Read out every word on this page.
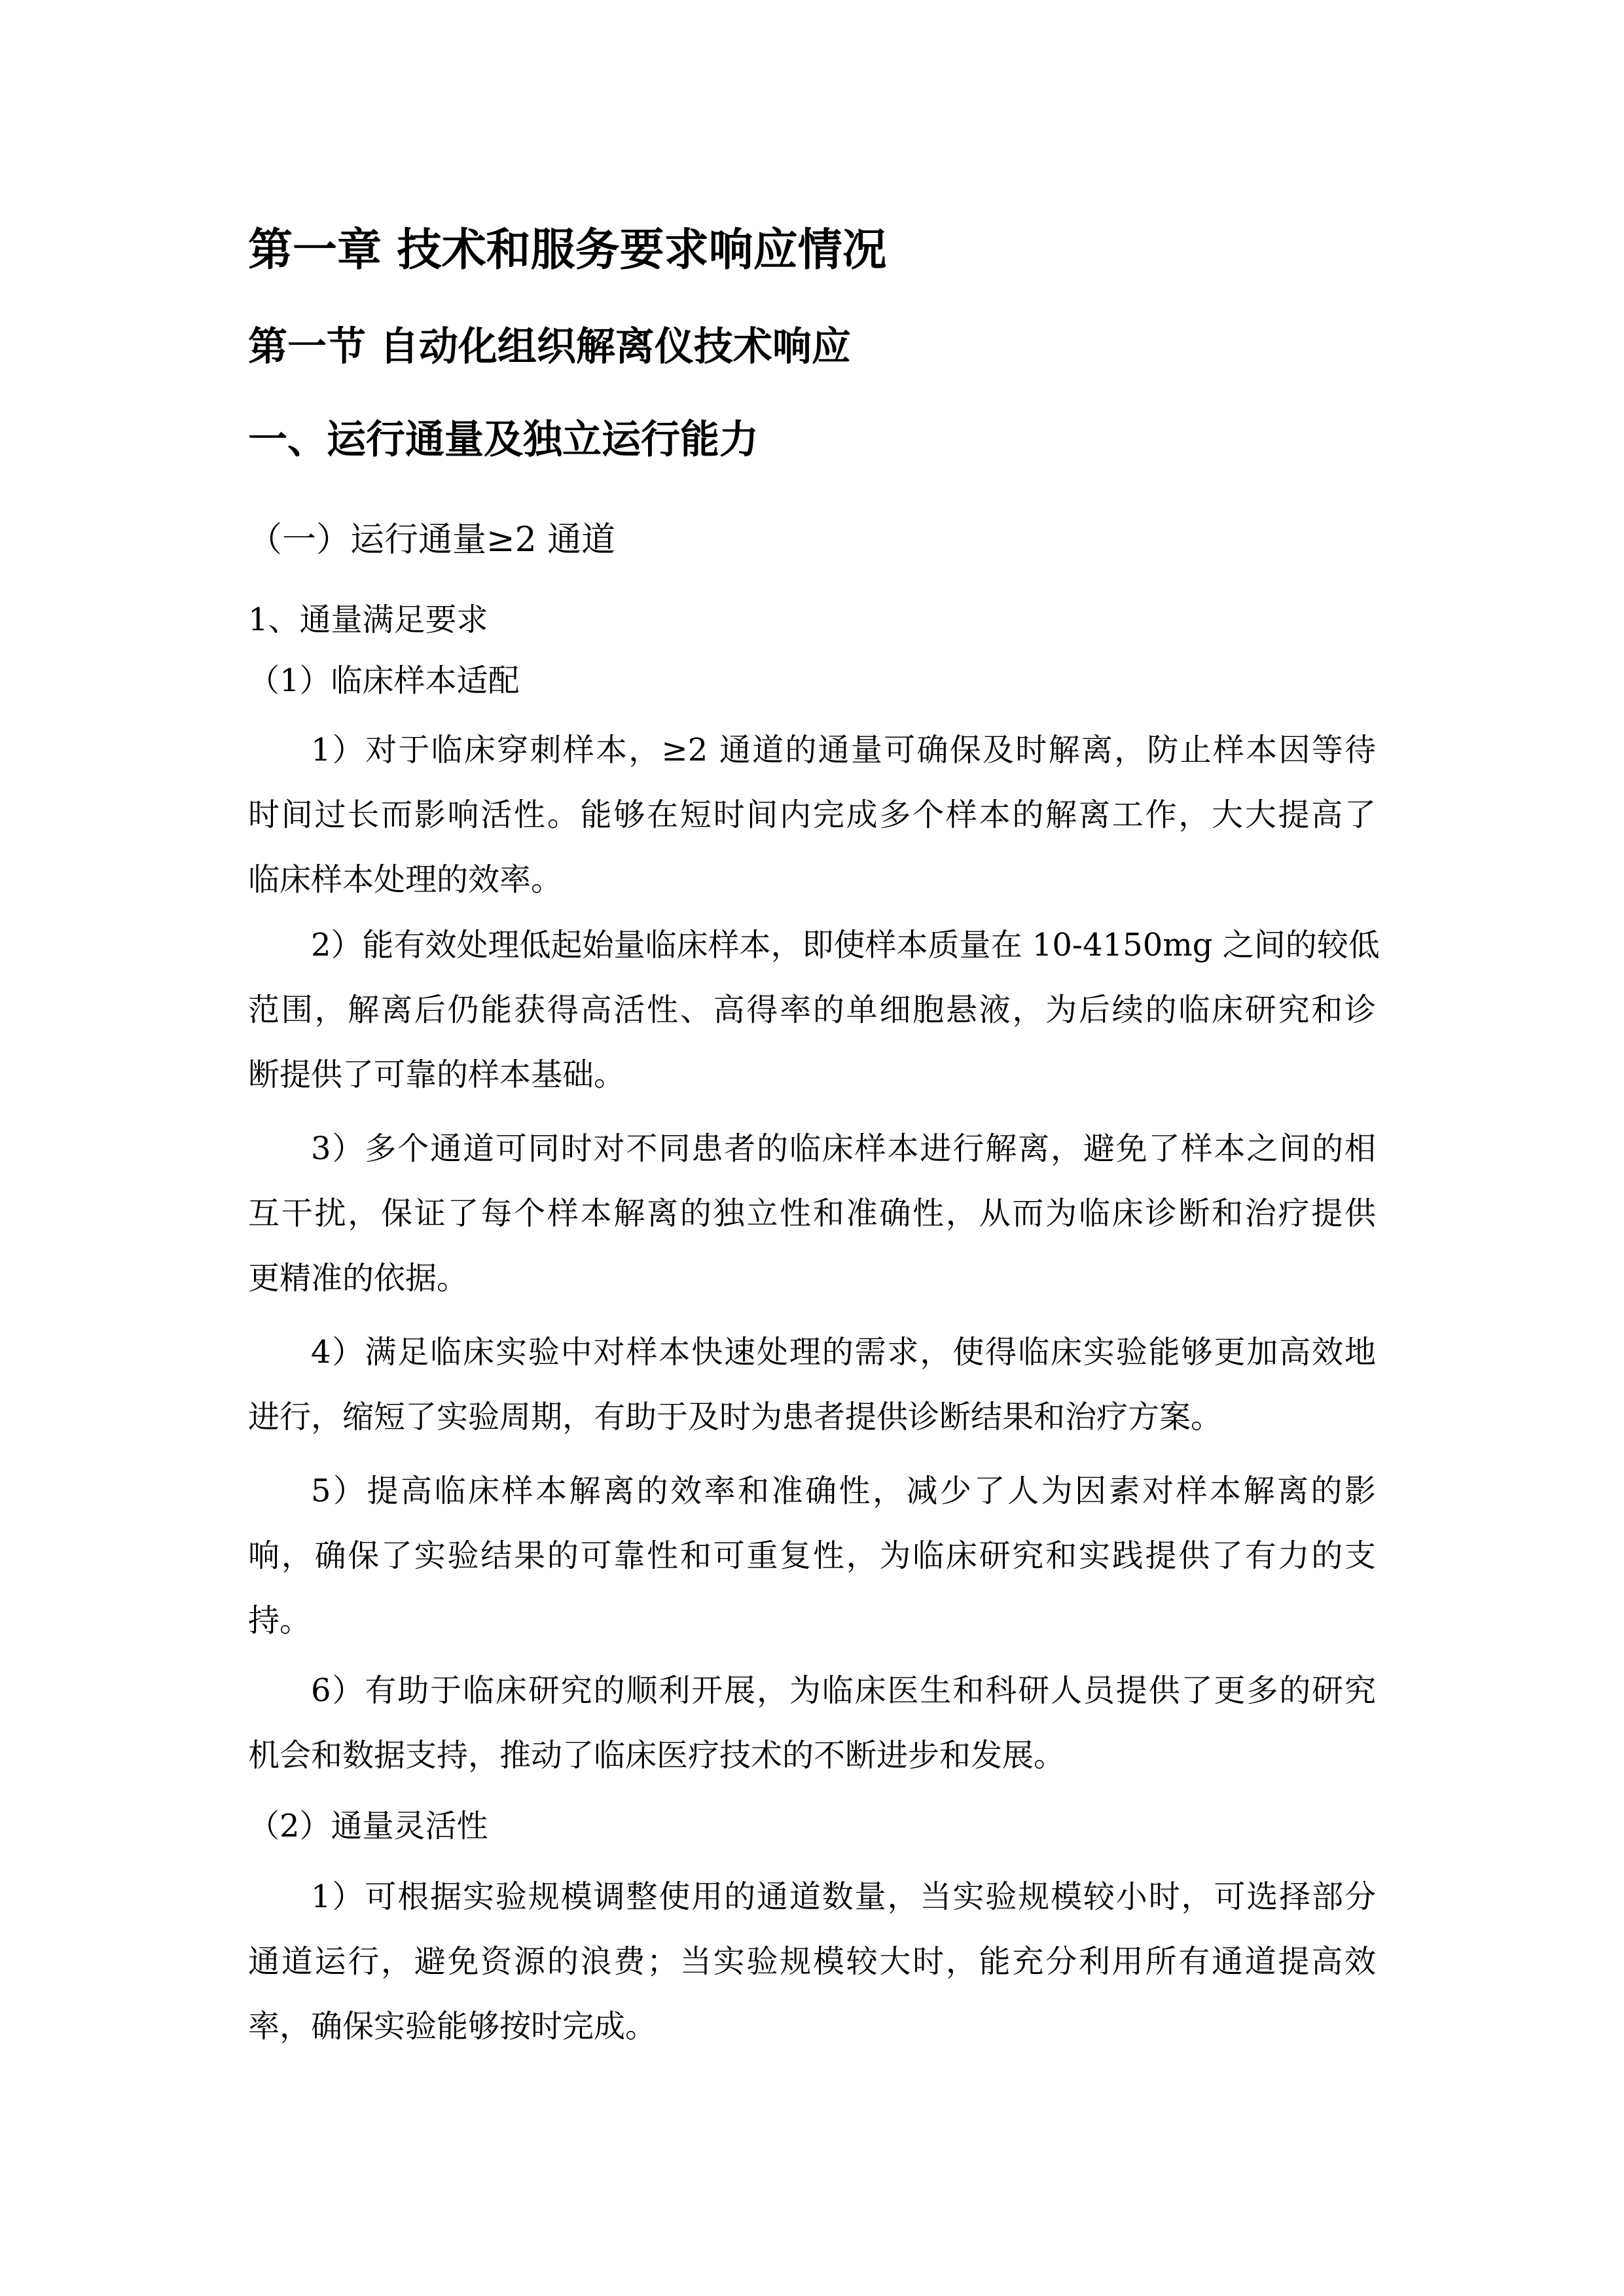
第一章 技术和服务要求响应情况
第一节 自动化组织解离仪技术响应
一、运行通量及独立运行能力
（一）运行通量≥2 通道
1、通量满足要求
（1）临床样本适配
1）对于临床穿刺样本，≥2 通道的通量可确保及时解离，防止样本因等待
时间过长而影响活性。能够在短时间内完成多个样本的解离工作，大大提高了
临床样本处理的效率。
2）能有效处理低起始量临床样本，即使样本质量在 10-4150mg 之间的较低
范围，解离后仍能获得高活性、高得率的单细胞悬液，为后续的临床研究和诊
断提供了可靠的样本基础。
3）多个通道可同时对不同患者的临床样本进行解离，避免了样本之间的相
互干扰，保证了每个样本解离的独立性和准确性，从而为临床诊断和治疗提供
更精准的依据。
4）满足临床实验中对样本快速处理的需求，使得临床实验能够更加高效地
进行，缩短了实验周期，有助于及时为患者提供诊断结果和治疗方案。
5）提高临床样本解离的效率和准确性，减少了人为因素对样本解离的影
响，确保了实验结果的可靠性和可重复性，为临床研究和实践提供了有力的支
持。
6）有助于临床研究的顺利开展，为临床医生和科研人员提供了更多的研究
机会和数据支持，推动了临床医疗技术的不断进步和发展。
（2）通量灵活性
1）可根据实验规模调整使用的通道数量，当实验规模较小时，可选择部分
通道运行，避免资源的浪费；当实验规模较大时，能充分利用所有通道提高效
率，确保实验能够按时完成。
